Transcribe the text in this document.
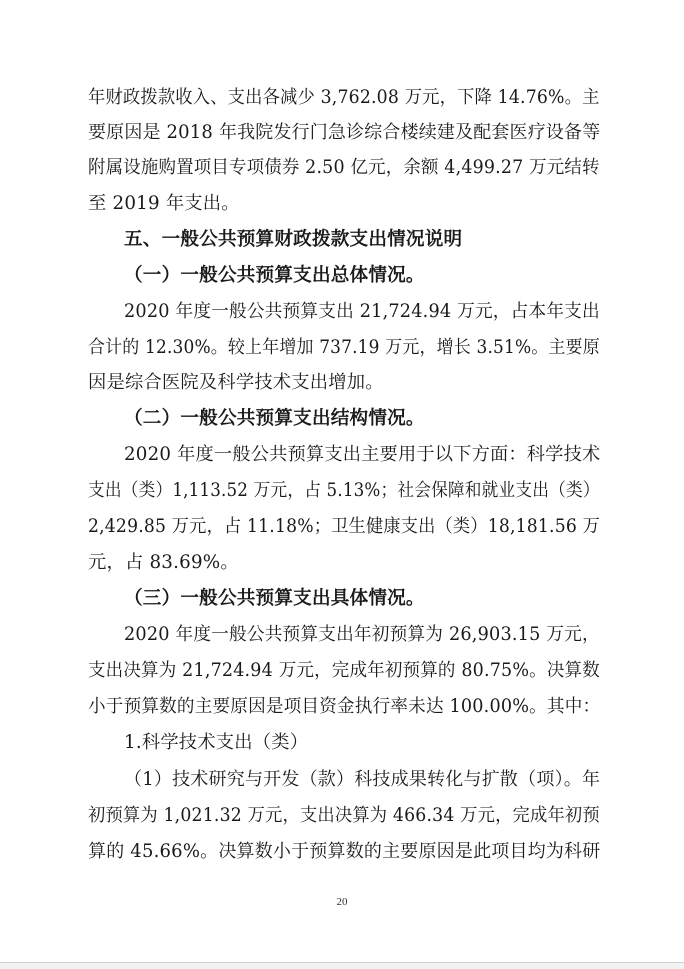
年财政拨款收入、支出各减少 3,762.08 万元，下降 14.76%。主
要原因是 2018 年我院发行门急诊综合楼续建及配套医疗设备等
附属设施购置项目专项债券 2.50 亿元，余额 4,499.27 万元结转
至 2019 年支出。
五、一般公共预算财政拨款支出情况说明
（一）一般公共预算支出总体情况。
2020 年度一般公共预算支出 21,724.94 万元，占本年支出
合计的 12.30%。较上年增加 737.19 万元，增长 3.51%。主要原
因是综合医院及科学技术支出增加。
（二）一般公共预算支出结构情况。
2020 年度一般公共预算支出主要用于以下方面：科学技术
支出（类）1,113.52 万元，占 5.13%；社会保障和就业支出（类）
2,429.85 万元，占 11.18%；卫生健康支出（类）18,181.56 万
元，占 83.69%。
（三）一般公共预算支出具体情况。
2020 年度一般公共预算支出年初预算为 26,903.15 万元，
支出决算为 21,724.94 万元，完成年初预算的 80.75%。决算数
小于预算数的主要原因是项目资金执行率未达 100.00%。其中：
1.科学技术支出（类）
（1）技术研究与开发（款）科技成果转化与扩散（项）。年
初预算为 1,021.32 万元，支出决算为 466.34 万元，完成年初预
算的 45.66%。决算数小于预算数的主要原因是此项目均为科研
20
